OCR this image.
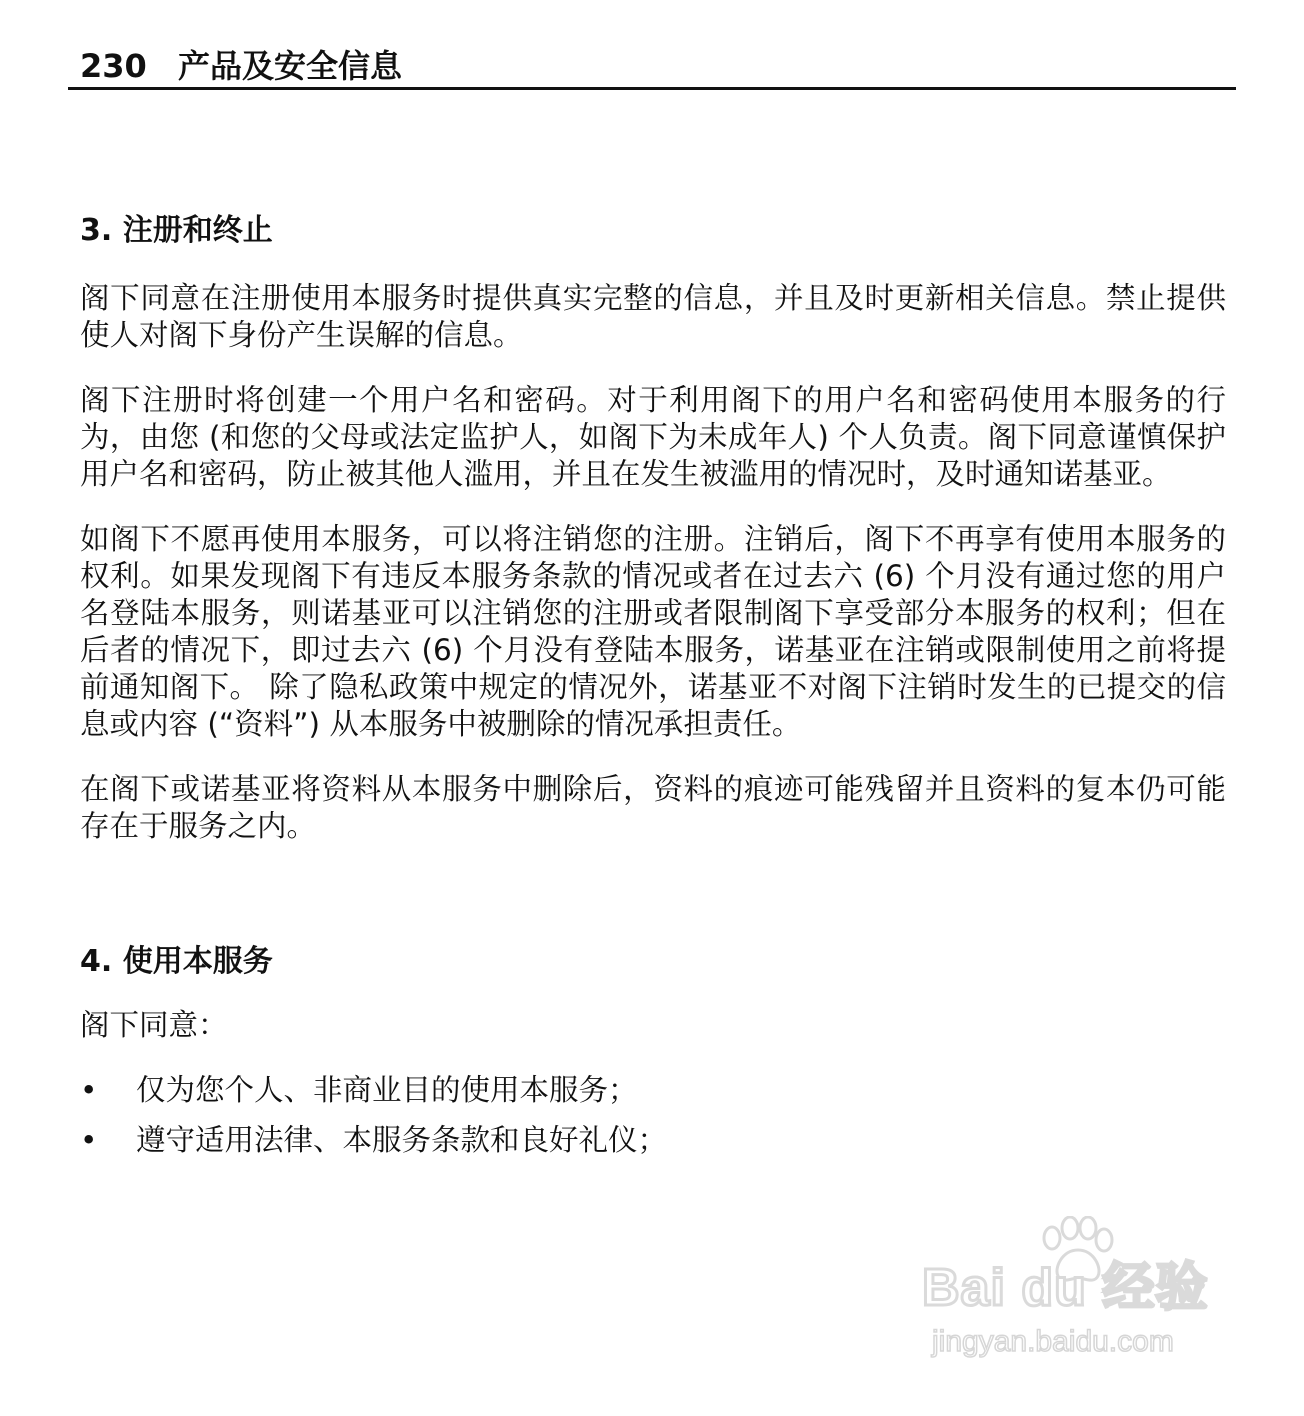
230 产品及安全信息
3. 注册和终止

阁下同意在注册使用本服务时提供真实完整的信息，并且及时更新相关信息。禁止提供使人对阁下身份产生误解的信息。

阁下注册时将创建一个用户名和密码。对于利用阁下的用户名和密码使用本服务的行为，由您 (和您的父母或法定监护人，如阁下为未成年人) 个人负责。阁下同意谨慎保护用户名和密码，防止被其他人滥用，并且在发生被滥用的情况时，及时通知诺基亚。

如阁下不愿再使用本服务，可以将注销您的注册。注销后，阁下不再享有使用本服务的权利。如果发现阁下有违反本服务条款的情况或者在过去六 (6) 个月没有通过您的用户名登陆本服务，则诺基亚可以注销您的注册或者限制阁下享受部分本服务的权利；但在后者的情况下，即过去六 (6) 个月没有登陆本服务，诺基亚在注销或限制使用之前将提前通知阁下。 除了隐私政策中规定的情况外，诺基亚不对阁下注销时发生的已提交的信息或内容 (“资料”) 从本服务中被删除的情况承担责任。

在阁下或诺基亚将资料从本服务中删除后，资料的痕迹可能残留并且资料的复本仍可能存在于服务之内。

4. 使用本服务

阁下同意：

•	仅为您个人、非商业目的使用本服务；
•	遵守适用法律、本服务条款和良好礼仪；
Bai du 经验
jingyan.baidu.com
